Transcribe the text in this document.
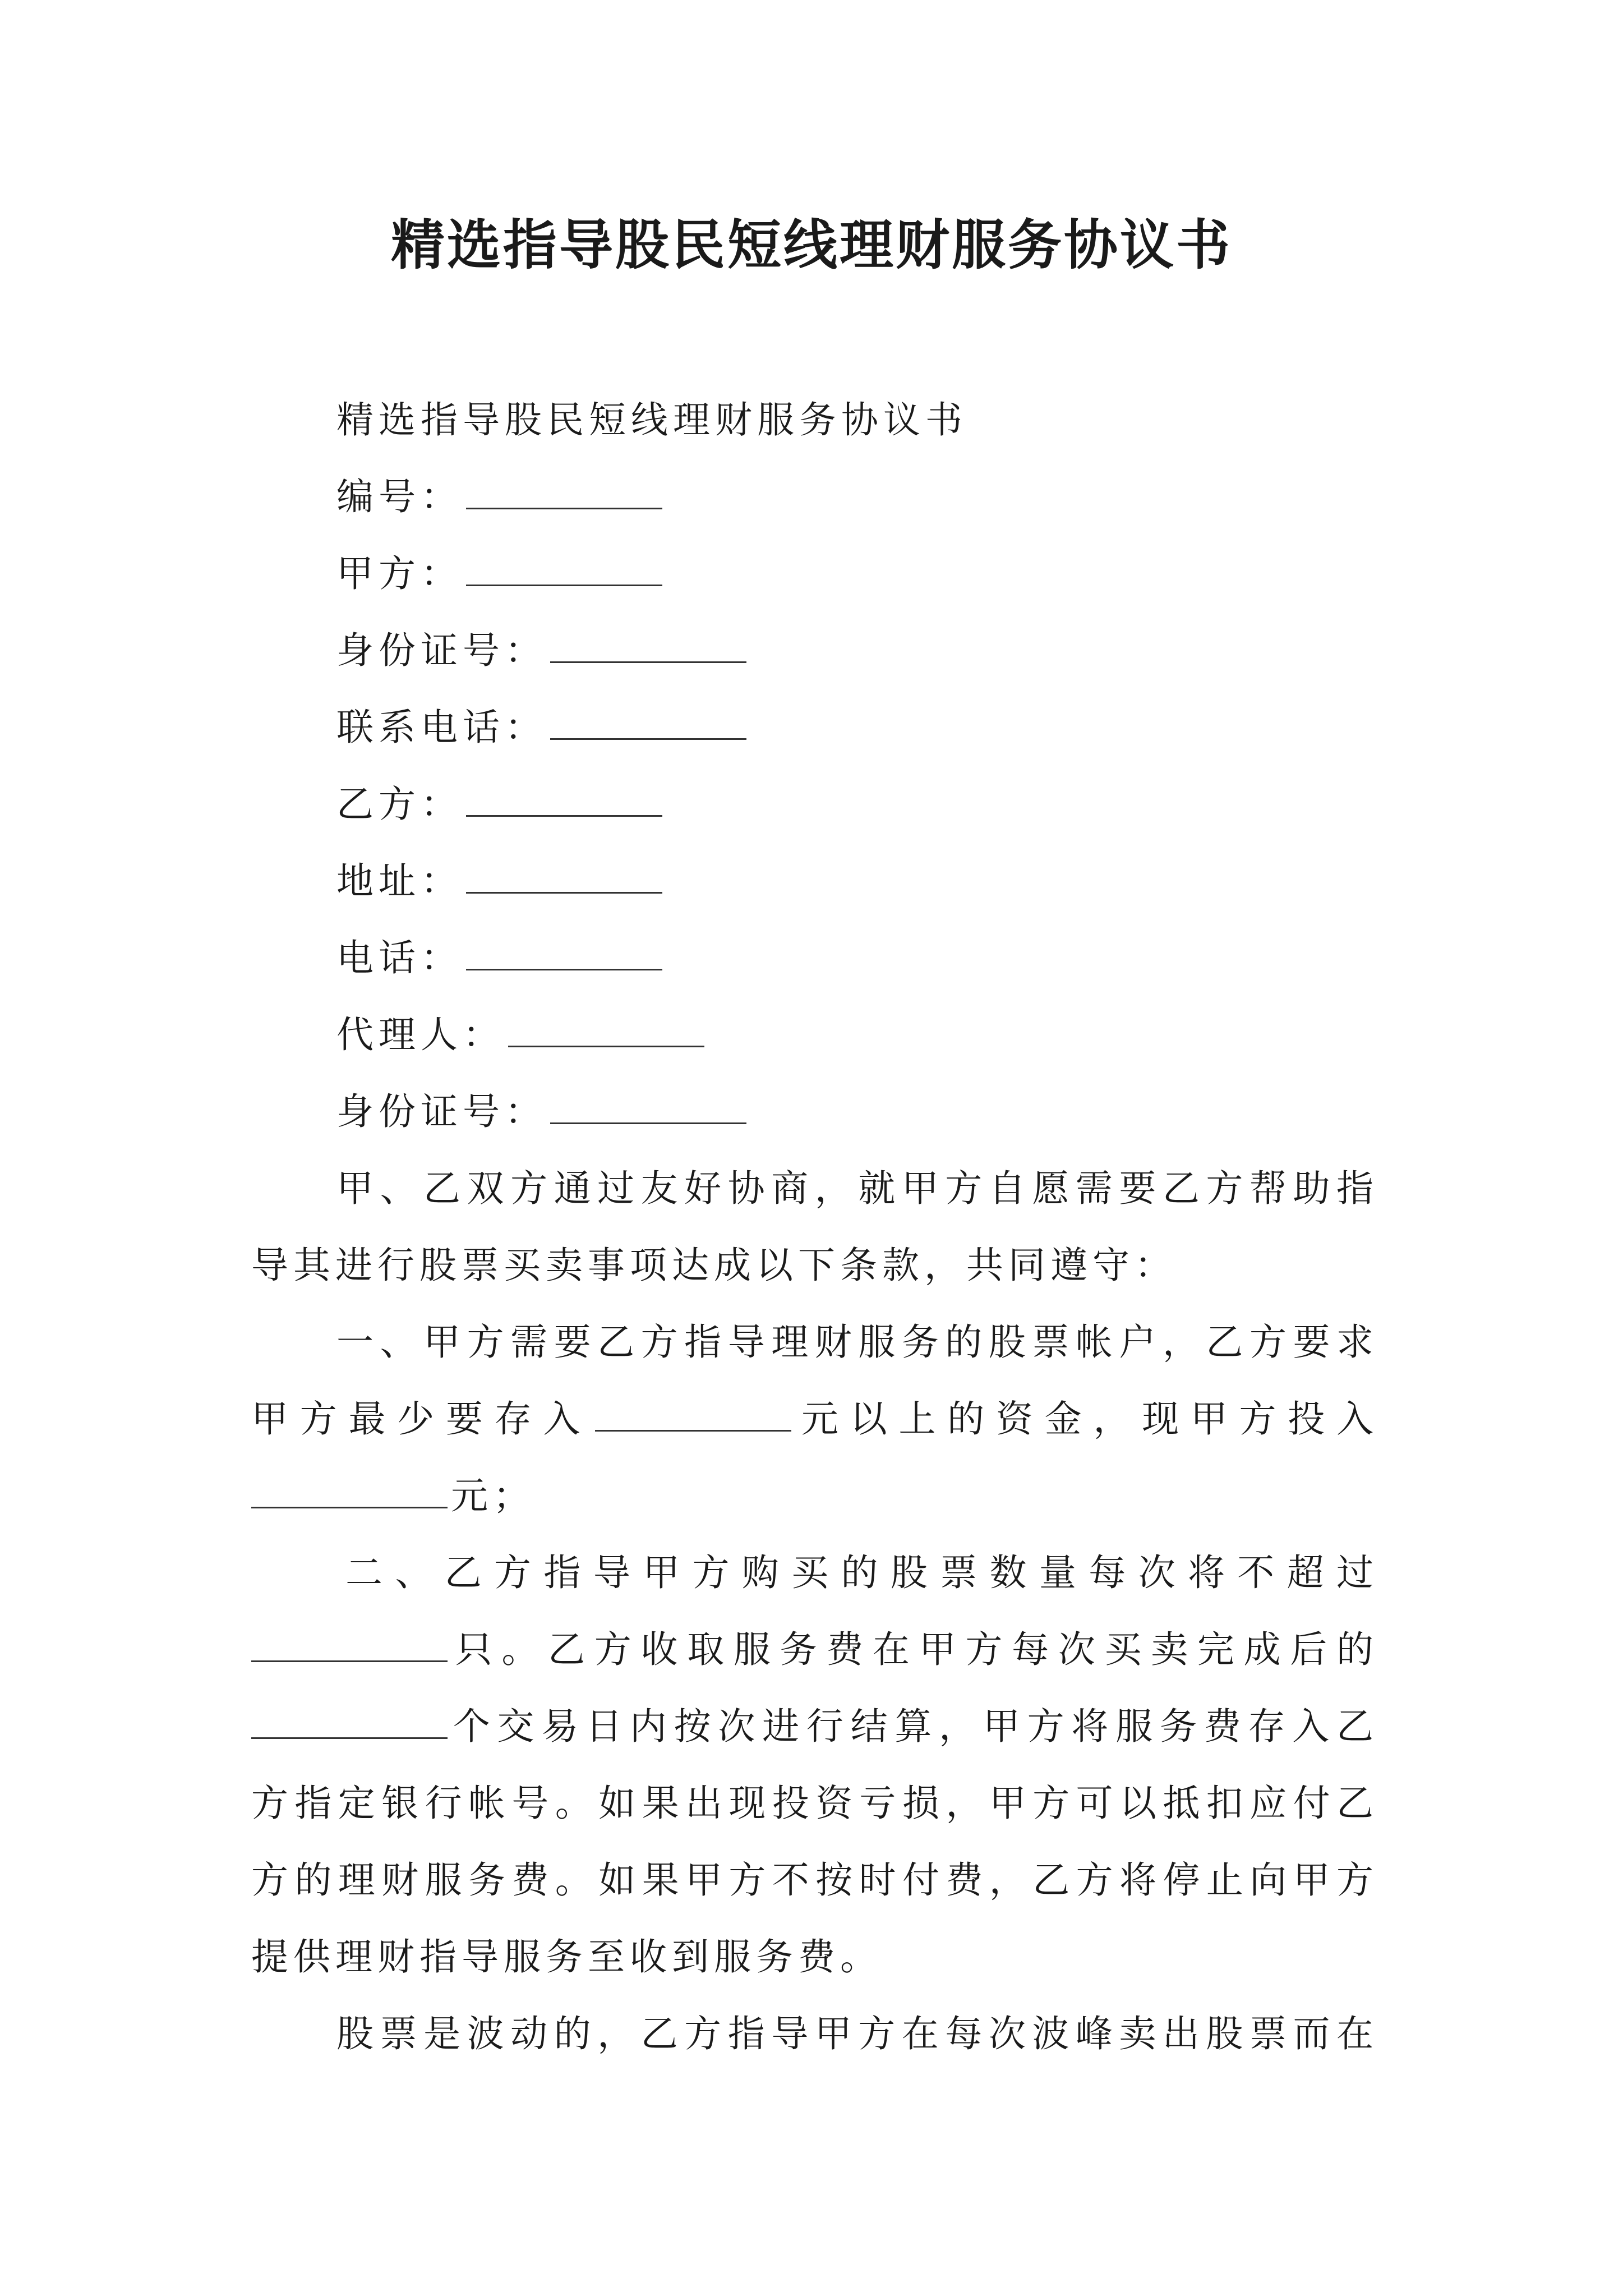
精选指导股民短线理财服务协议书

精选指导股民短线理财服务协议书

编号：

甲方：

身份证号：

联系电话：

乙方：

地址：

电话：

代理人：

身份证号：

甲、乙双方通过友好协商，就甲方自愿需要乙方帮助指

导其进行股票买卖事项达成以下条款，共同遵守：

一、甲方需要乙方指导理财服务的股票帐户，乙方要求

甲方最少要存入	元以上的资金，现甲方投入

元；

二、乙方指导甲方购买的股票数量每次将不超过

只。乙方收取服务费在甲方每次买卖完成后的

个交易日内按次进行结算，甲方将服务费存入乙

方指定银行帐号。如果出现投资亏损，甲方可以抵扣应付乙

方的理财服务费。如果甲方不按时付费，乙方将停止向甲方

提供理财指导服务至收到服务费。

股票是波动的，乙方指导甲方在每次波峰卖出股票而在
